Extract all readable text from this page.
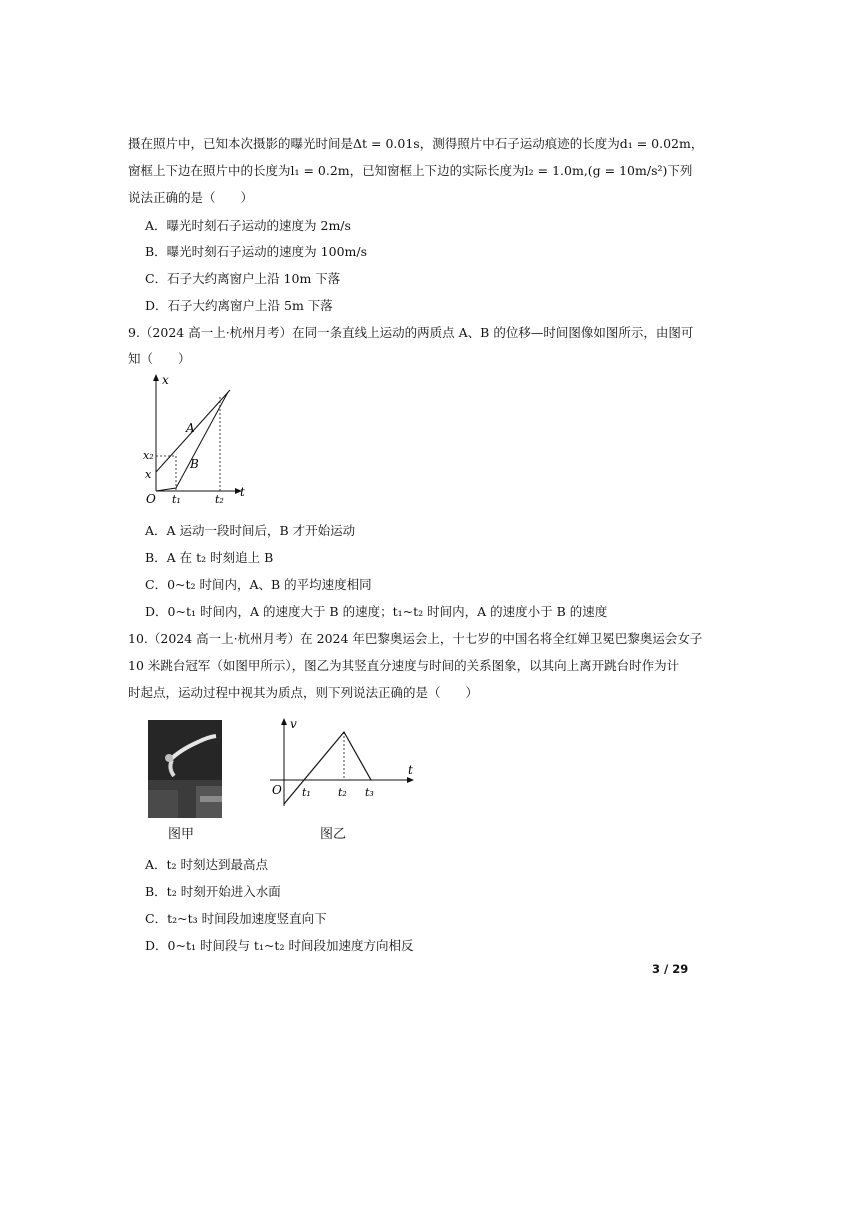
摄在照片中，已知本次摄影的曝光时间是Δt = 0.01s，测得照片中石子运动痕迹的长度为d₁ = 0.02m，
窗框上下边在照片中的长度为l₁ = 0.2m，已知窗框上下边的实际长度为l₂ = 1.0m,(g = 10m/s²)下列
说法正确的是（　　）
A．曝光时刻石子运动的速度为 2m/s
B．曝光时刻石子运动的速度为 100m/s
C．石子大约离窗户上沿 10m 下落
D．石子大约离窗户上沿 5m 下落
9.（2024 高一上·杭州月考）在同一条直线上运动的两质点 A、B 的位移—时间图像如图所示，由图可
知（　　）
x
t
O
x₂
x
t₁	t₂
A
B
A．A 运动一段时间后，B 才开始运动
B．A 在 t₂ 时刻追上 B
C．0~t₂ 时间内，A、B 的平均速度相同
D．0~t₁ 时间内，A 的速度大于 B 的速度；t₁~t₂ 时间内，A 的速度小于 B 的速度
10.（2024 高一上·杭州月考）在 2024 年巴黎奥运会上，十七岁的中国名将全红婵卫冕巴黎奥运会女子
10 米跳台冠军（如图甲所示），图乙为其竖直分速度与时间的关系图象，以其向上离开跳台时作为计
时起点，运动过程中视其为质点，则下列说法正确的是（　　）
图甲
v
t
O t₁ t₂ t₃
图乙
A．t₂ 时刻达到最高点
B．t₂ 时刻开始进入水面
C．t₂~t₃ 时间段加速度竖直向下
D．0~t₁ 时间段与 t₁~t₂ 时间段加速度方向相反
3 / 29
